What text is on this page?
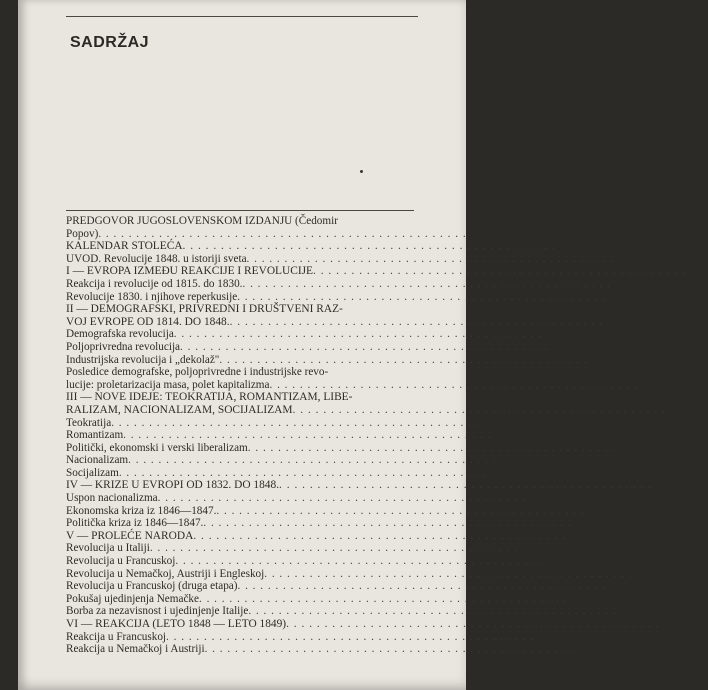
SADRŽAJ
PREDGOVOR JUGOSLOVENSKOM IZDANJU (Čedomir
Popov) . . .	7
KALENDAR STOLEĆA . . .	19
UVOD. Revolucije 1848. u istoriji sveta . . .	39
I — EVROPA IZMEĐU REAKCIJE I REVOLUCIJE . . .	41
Reakcija i revolucije od 1815. do 1830. . . .	45
Revolucije 1830. i njihove reperkusije . . .	58
II — DEMOGRAFSKI, PRIVREDNI I DRUŠTVENI RAZ-
VOJ EVROPE OD 1814. DO 1848. . . .	74
Demografska revolucija . . .	74
Poljoprivredna revolucija . . .	77
Industrijska revolucija i „dekolaž" . . .	83
Posledice demografske, poljoprivredne i industrijske revo-
lucije: proletarizacija masa, polet kapitalizma . . .	97
III — NOVE IDEJE: TEOKRATIJA, ROMANTIZAM, LIBE-
RALIZAM, NACIONALIZAM, SOCIJALIZAM . . .	108
Teokratija . . .	109
Romantizam . . .	110
Politički, ekonomski i verski liberalizam . . .	113
Nacionalizam . . .	119
Socijalizam . . .	123
IV — KRIZE U EVROPI OD 1832. DO 1848. . . .	130
Uspon nacionalizma . . .	130
Ekonomska kriza iz 1846—1847. . . .	139
Politička kriza iz 1846—1847. . . .	145
V — PROLEĆE NARODA . . .	153
Revolucija u Italiji . . .	154
Revolucija u Francuskoj . . .	156
Revolucija u Nemačkoj, Austriji i Engleskoj . . .	159
Revolucija u Francuskoj (druga etapa) . . .	162
Pokušaj ujedinjenja Nemačke . . .	170
Borba za nezavisnost i ujedinjenje Italije . . .	174
VI — REAKCIJA (LETO 1848 — LETO 1849) . . .	184
Reakcija u Francuskoj . . .	185
Reakcija u Nemačkoj i Austriji . . .	190
